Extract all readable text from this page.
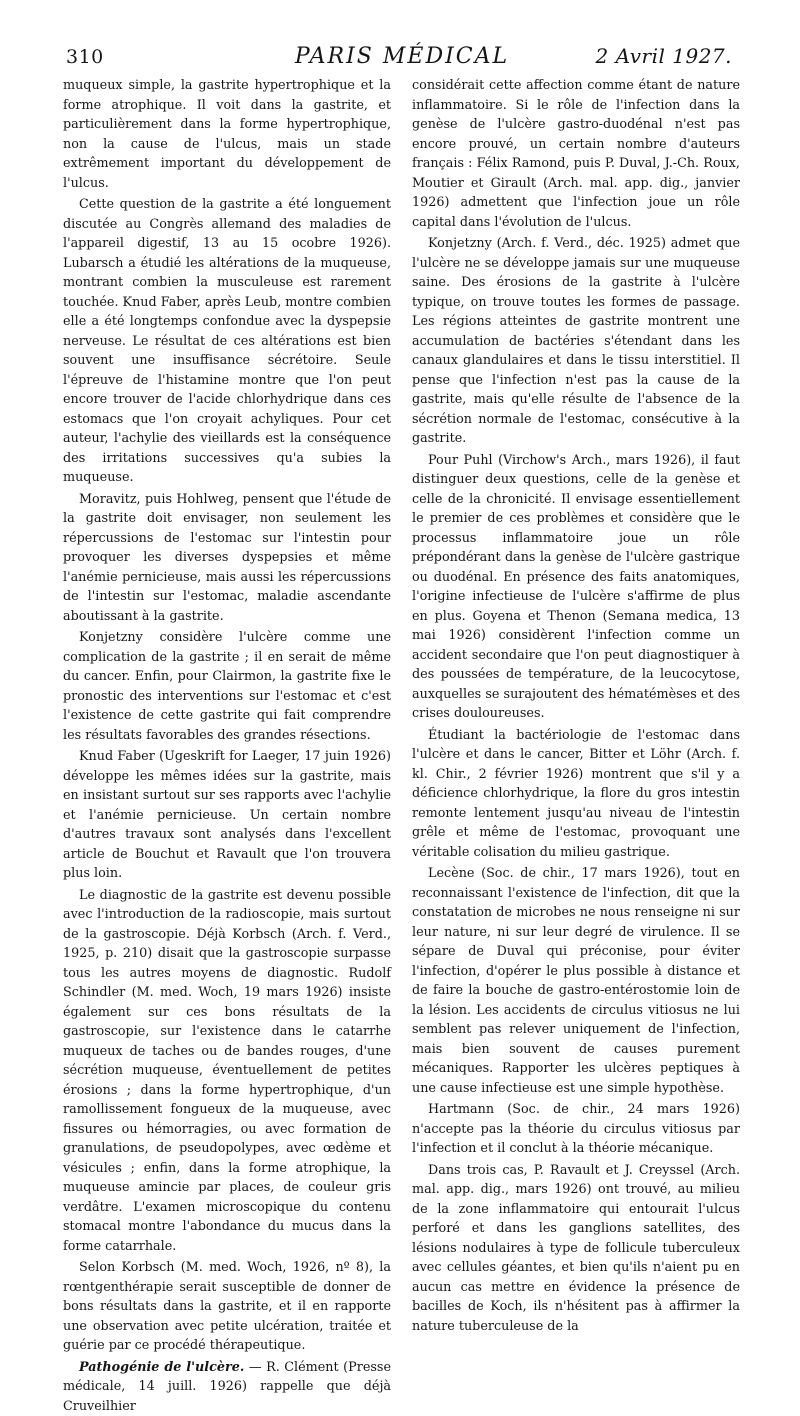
310	PARIS MÉDICAL	2 Avril 1927.

muqueux simple, la gastrite hypertrophique et la forme atrophique. Il voit dans la gastrite, et particulièrement dans la forme hypertrophique, non la cause de l'ulcus, mais un stade extrêmement important du développement de l'ulcus.

Cette question de la gastrite a été longuement discutée au Congrès allemand des maladies de l'appareil digestif, 13 au 15 ocobre 1926). Lubarsch a étudié les altérations de la muqueuse, montrant combien la musculeuse est rarement touchée. Knud Faber, après Leub, montre combien elle a été longtemps confondue avec la dyspepsie nerveuse. Le résultat de ces altérations est bien souvent une insuffisance sécrétoire. Seule l'épreuve de l'histamine montre que l'on peut encore trouver de l'acide chlorhydrique dans ces estomacs que l'on croyait achyliques. Pour cet auteur, l'achylie des vieillards est la conséquence des irritations successives qu'a subies la muqueuse.

Moravitz, puis Hohlweg, pensent que l'étude de la gastrite doit envisager, non seulement les répercussions de l'estomac sur l'intestin pour provoquer les diverses dyspepsies et même l'anémie pernicieuse, mais aussi les répercussions de l'intestin sur l'estomac, maladie ascendante aboutissant à la gastrite.

Konjetzny considère l'ulcère comme une complication de la gastrite ; il en serait de même du cancer. Enfin, pour Clairmon, la gastrite fixe le pronostic des interventions sur l'estomac et c'est l'existence de cette gastrite qui fait comprendre les résultats favorables des grandes résections.

Knud Faber (Ugeskrift for Laeger, 17 juin 1926) développe les mêmes idées sur la gastrite, mais en insistant surtout sur ses rapports avec l'achylie et l'anémie pernicieuse. Un certain nombre d'autres travaux sont analysés dans l'excellent article de Bouchut et Ravault que l'on trouvera plus loin.

Le diagnostic de la gastrite est devenu possible avec l'introduction de la radioscopie, mais surtout de la gastroscopie. Déjà Korbsch (Arch. f. Verd., 1925, p. 210) disait que la gastroscopie surpasse tous les autres moyens de diagnostic. Rudolf Schindler (M. med. Woch, 19 mars 1926) insiste également sur ces bons résultats de la gastroscopie, sur l'existence dans le catarrhe muqueux de taches ou de bandes rouges, d'une sécrétion muqueuse, éventuellement de petites érosions ; dans la forme hypertrophique, d'un ramollissement fongueux de la muqueuse, avec fissures ou hémorragies, ou avec formation de granulations, de pseudopolypes, avec œdème et vésicules ; enfin, dans la forme atrophique, la muqueuse amincie par places, de couleur gris verdâtre. L'examen microscopique du contenu stomacal montre l'abondance du mucus dans la forme catarrhale.

Selon Korbsch (M. med. Woch, 1926, nº 8), la rœntgenthérapie serait susceptible de donner de bons résultats dans la gastrite, et il en rapporte une observation avec petite ulcération, traitée et guérie par ce procédé thérapeutique.

Pathogénie de l'ulcère. — R. Clément (Presse médicale, 14 juill. 1926) rappelle que déjà Cruveilhier

considérait cette affection comme étant de nature inflammatoire. Si le rôle de l'infection dans la genèse de l'ulcère gastro-duodénal n'est pas encore prouvé, un certain nombre d'auteurs français : Félix Ramond, puis P. Duval, J.-Ch. Roux, Moutier et Girault (Arch. mal. app. dig., janvier 1926) admettent que l'infection joue un rôle capital dans l'évolution de l'ulcus.

Konjetzny (Arch. f. Verd., déc. 1925) admet que l'ulcère ne se développe jamais sur une muqueuse saine. Des érosions de la gastrite à l'ulcère typique, on trouve toutes les formes de passage. Les régions atteintes de gastrite montrent une accumulation de bactéries s'étendant dans les canaux glandulaires et dans le tissu interstitiel. Il pense que l'infection n'est pas la cause de la gastrite, mais qu'elle résulte de l'absence de la sécrétion normale de l'estomac, consécutive à la gastrite.

Pour Puhl (Virchow's Arch., mars 1926), il faut distinguer deux questions, celle de la genèse et celle de la chronicité. Il envisage essentiellement le premier de ces problèmes et considère que le processus inflammatoire joue un rôle prépondérant dans la genèse de l'ulcère gastrique ou duodénal. En présence des faits anatomiques, l'origine infectieuse de l'ulcère s'affirme de plus en plus. Goyena et Thenon (Semana medica, 13 mai 1926) considèrent l'infection comme un accident secondaire que l'on peut diagnostiquer à des poussées de température, de la leucocytose, auxquelles se surajoutent des hématémèses et des crises douloureuses.

Étudiant la bactériologie de l'estomac dans l'ulcère et dans le cancer, Bitter et Löhr (Arch. f. kl. Chir., 2 février 1926) montrent que s'il y a déficience chlorhydrique, la flore du gros intestin remonte lentement jusqu'au niveau de l'intestin grêle et même de l'estomac, provoquant une véritable colisation du milieu gastrique.

Lecène (Soc. de chir., 17 mars 1926), tout en reconnaissant l'existence de l'infection, dit que la constatation de microbes ne nous renseigne ni sur leur nature, ni sur leur degré de virulence. Il se sépare de Duval qui préconise, pour éviter l'infection, d'opérer le plus possible à distance et de faire la bouche de gastro-entérostomie loin de la lésion. Les accidents de circulus vitiosus ne lui semblent pas relever uniquement de l'infection, mais bien souvent de causes purement mécaniques. Rapporter les ulcères peptiques à une cause infectieuse est une simple hypothèse.

Hartmann (Soc. de chir., 24 mars 1926) n'accepte pas la théorie du circulus vitiosus par l'infection et il conclut à la théorie mécanique.

Dans trois cas, P. Ravault et J. Creyssel (Arch. mal. app. dig., mars 1926) ont trouvé, au milieu de la zone inflammatoire qui entourait l'ulcus perforé et dans les ganglions satellites, des lésions nodulaires à type de follicule tuberculeux avec cellules géantes, et bien qu'ils n'aient pu en aucun cas mettre en évidence la présence de bacilles de Koch, ils n'hésitent pas à affirmer la nature tuberculeuse de la
